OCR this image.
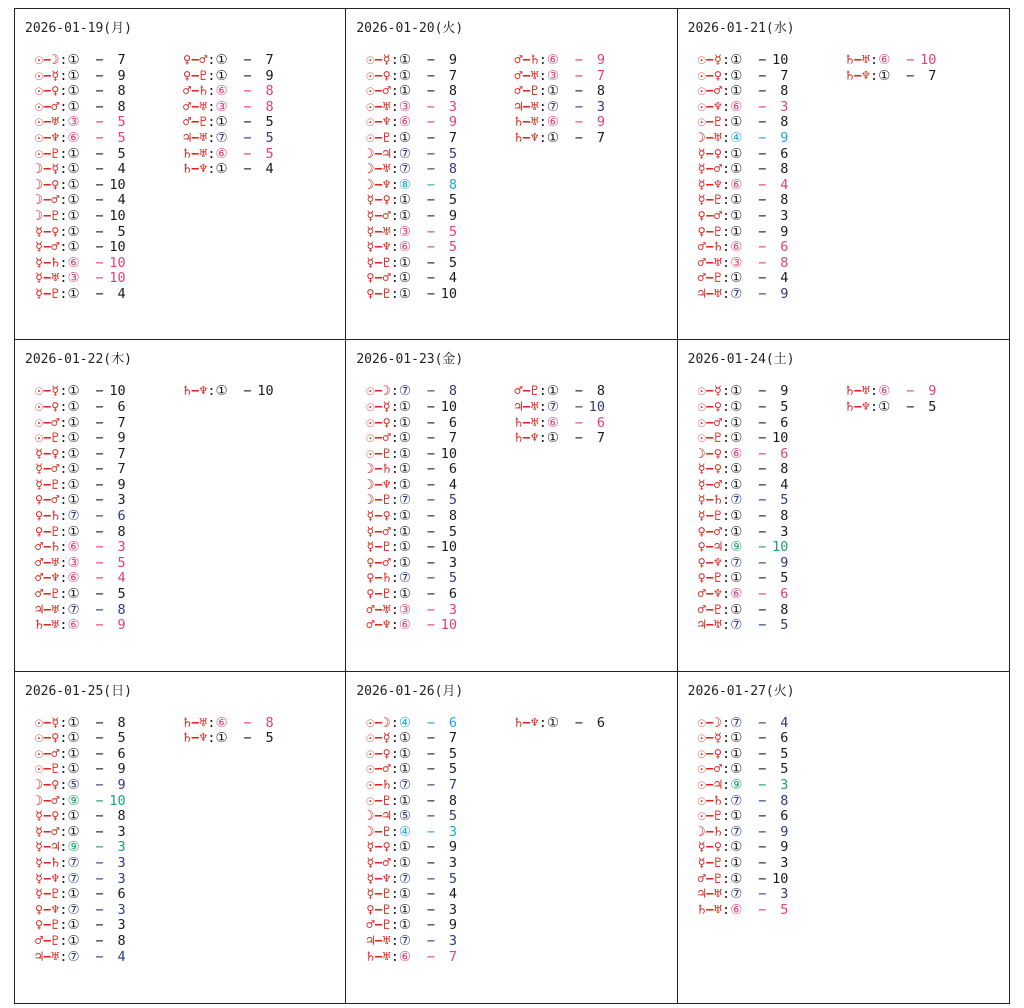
2026-01-19(月)
☉−☽:① − 7
☉−☿:① − 9
☉−♀:① − 8
☉−♂:① − 8
☉−♅:③ − 5
☉−♆:⑥ − 5
☉−♇:① − 5
☽−☿:① − 4
☽−♀:① − 10
☽−♂:① − 4
☽−♇:① − 10
☿−♀:① − 5
☿−♂:① − 10
☿−♄:⑥ − 10
☿−♅:③ − 10
☿−♇:① − 4
♀−♂:① − 7
♀−♇:① − 9
♂−♄:⑥ − 8
♂−♅:③ − 8
♂−♇:① − 5
♃−♅:⑦ − 5
♄−♅:⑥ − 5
♄−♆:① − 4
2026-01-20(火)
☉−☿:① − 9
☉−♀:① − 7
☉−♂:① − 8
☉−♅:③ − 3
☉−♆:⑥ − 9
☉−♇:① − 7
☽−♃:⑦ − 5
☽−♅:⑦ − 8
☽−♆:⑧ − 8
☿−♀:① − 5
☿−♂:① − 9
☿−♅:③ − 5
☿−♆:⑥ − 5
☿−♇:① − 5
♀−♂:① − 4
♀−♇:① − 10
♂−♄:⑥ − 9
♂−♅:③ − 7
♂−♇:① − 8
♃−♅:⑦ − 3
♄−♅:⑥ − 9
♄−♆:① − 7
2026-01-21(水)
☉−☿:① − 10
☉−♀:① − 7
☉−♂:① − 8
☉−♆:⑥ − 3
☉−♇:① − 8
☽−♅:④ − 9
☿−♀:① − 6
☿−♂:① − 8
☿−♆:⑥ − 4
☿−♇:① − 8
♀−♂:① − 3
♀−♇:① − 9
♂−♄:⑥ − 6
♂−♅:③ − 8
♂−♇:① − 4
♃−♅:⑦ − 9
♄−♅:⑥ − 10
♄−♆:① − 7
2026-01-22(木)
☉−☿:① − 10
☉−♀:① − 6
☉−♂:① − 7
☉−♇:① − 9
☿−♀:① − 7
☿−♂:① − 7
☿−♇:① − 9
♀−♂:① − 3
♀−♄:⑦ − 6
♀−♇:① − 8
♂−♄:⑥ − 3
♂−♅:③ − 5
♂−♆:⑥ − 4
♂−♇:① − 5
♃−♅:⑦ − 8
♄−♅:⑥ − 9
♄−♆:① − 10
2026-01-23(金)
☉−☽:⑦ − 8
☉−☿:① − 10
☉−♀:① − 6
☉−♂:① − 7
☉−♇:① − 10
☽−♄:① − 6
☽−♆:① − 4
☽−♇:⑦ − 5
☿−♀:① − 8
☿−♂:① − 5
☿−♇:① − 10
♀−♂:① − 3
♀−♄:⑦ − 5
♀−♇:① − 6
♂−♅:③ − 3
♂−♆:⑥ − 10
♂−♇:① − 8
♃−♅:⑦ − 10
♄−♅:⑥ − 6
♄−♆:① − 7
2026-01-24(土)
☉−☿:① − 9
☉−♀:① − 5
☉−♂:① − 6
☉−♇:① − 10
☽−♀:⑥ − 6
☿−♀:① − 8
☿−♂:① − 4
☿−♄:⑦ − 5
☿−♇:① − 8
♀−♂:① − 3
♀−♃:⑨ − 10
♀−♆:⑦ − 9
♀−♇:① − 5
♂−♆:⑥ − 6
♂−♇:① − 8
♃−♅:⑦ − 5
♄−♅:⑥ − 9
♄−♆:① − 5
2026-01-25(日)
☉−☿:① − 8
☉−♀:① − 5
☉−♂:① − 6
☉−♇:① − 9
☽−♀:⑤ − 9
☽−♂:⑨ − 10
☿−♀:① − 8
☿−♂:① − 3
☿−♃:⑨ − 3
☿−♄:⑦ − 3
☿−♆:⑦ − 3
☿−♇:① − 6
♀−♆:⑦ − 3
♀−♇:① − 3
♂−♇:① − 8
♃−♅:⑦ − 4
♄−♅:⑥ − 8
♄−♆:① − 5
2026-01-26(月)
☉−☽:④ − 6
☉−☿:① − 7
☉−♀:① − 5
☉−♂:① − 5
☉−♄:⑦ − 7
☉−♇:① − 8
☽−♃:⑤ − 5
☽−♇:④ − 3
☿−♀:① − 9
☿−♂:① − 3
☿−♆:⑦ − 5
☿−♇:① − 4
♀−♇:① − 3
♂−♇:① − 9
♃−♅:⑦ − 3
♄−♅:⑥ − 7
♄−♆:① − 6
2026-01-27(火)
☉−☽:⑦ − 4
☉−☿:① − 6
☉−♀:① − 5
☉−♂:① − 5
☉−♃:⑨ − 3
☉−♄:⑦ − 8
☉−♇:① − 6
☽−♄:⑦ − 9
☿−♀:① − 9
☿−♇:① − 3
♂−♇:① − 10
♃−♅:⑦ − 3
♄−♅:⑥ − 5
